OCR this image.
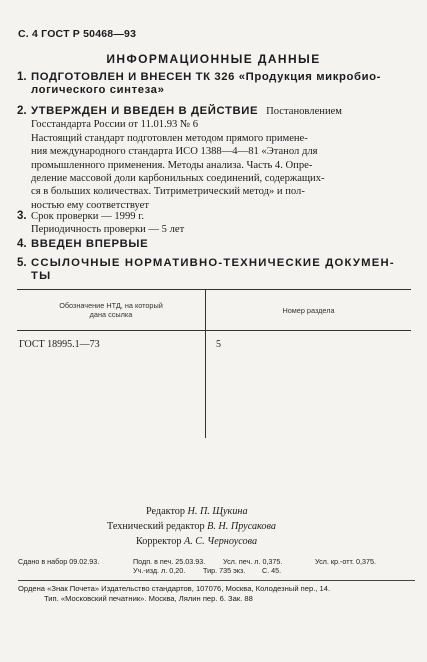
С. 4 ГОСТ Р 50468—93
ИНФОРМАЦИОННЫЕ ДАННЫЕ
1. ПОДГОТОВЛЕН И ВНЕСЕН ТК 326 «Продукция микробио-
логического синтеза»
2. УТВЕРЖДЕН И ВВЕДЕН В ДЕЙСТВИЕ Постановлением
Госстандарта России от 11.01.93 № 6
Настоящий стандарт подготовлен методом прямого примене-
ния международного стандарта ИСО 1388—4—81 «Этанол для
промышленного применения. Методы анализа. Часть 4. Опре-
деление массовой доли карбонильных соединений, содержащих-
ся в больших количествах. Титриметрический метод» и пол-
ностью ему соответствует
3. Срок проверки — 1999 г.
Периодичность проверки — 5 лет
4. ВВЕДЕН ВПЕРВЫЕ
5. ССЫЛОЧНЫЕ НОРМАТИВНО-ТЕХНИЧЕСКИЕ ДОКУМЕН-
ТЫ
Обозначение НТД, на который
дана ссылка	Номер раздела
ГОСТ 18995.1—73	5
Редактор Н. П. Щукина
Технический редактор В. Н. Прусакова
Корректор А. С. Черноусова
Сдано в набор 09.02.93.	Подп. в печ. 25.03.93. Усл. печ. л. 0,375.	Усл. кр.-отт. 0,375.
Уч.-изд. л. 0,20. Тир. 735 экз. С. 45.
Ордена «Знак Почета» Издательство стандартов, 107076, Москва, Колодезный пер., 14.
Тип. «Московский печатник». Москва, Лялин пер. 6. Зак. 88
